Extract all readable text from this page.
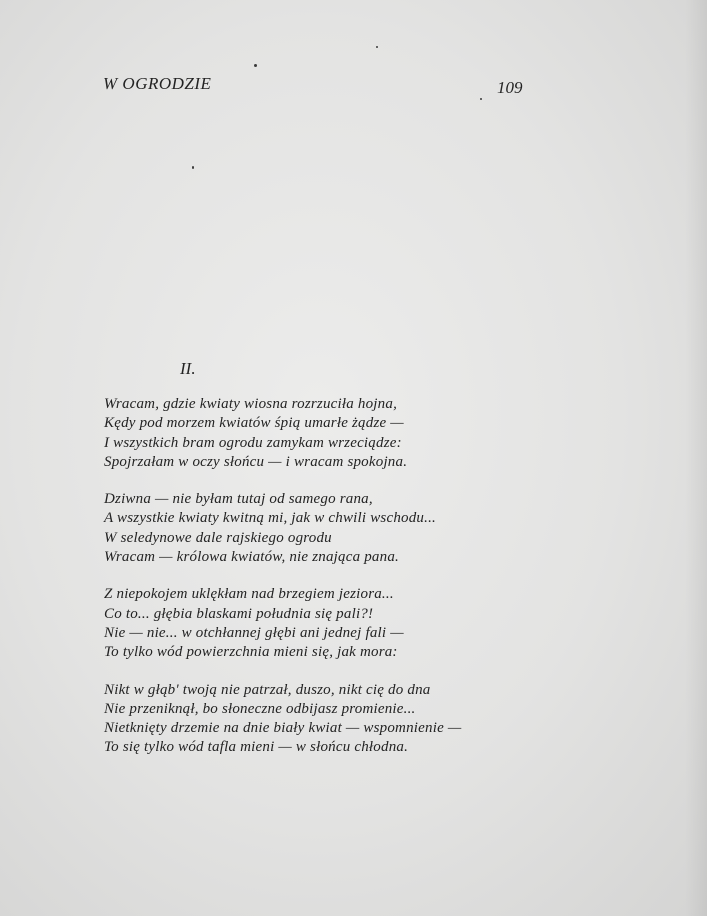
W OGRODZIE	109
II.
Wracam, gdzie kwiaty wiosna rozrzuciła hojna,
Kędy pod morzem kwiatów śpią umarłe żądze —
I wszystkich bram ogrodu zamykam wrzeciądze:
Spojrzałam w oczy słońcu — i wracam spokojna.
Dziwna — nie byłam tutaj od samego rana,
A wszystkie kwiaty kwitną mi, jak w chwili wschodu...
W seledynowe dale rajskiego ogrodu
Wracam — królowa kwiatów, nie znająca pana.
Z niepokojem uklękłam nad brzegiem jeziora...
Co to... głębia blaskami południa się pali?!
Nie — nie... w otchłannej głębi ani jednej fali —
To tylko wód powierzchnia mieni się, jak mora:
Nikt w głąb' twoją nie patrzał, duszo, nikt cię do dna
Nie przeniknął, bo słoneczne odbijasz promienie...
Nietknięty drzemie na dnie biały kwiat — wspomnienie —
To się tylko wód tafla mieni — w słońcu chłodna.
